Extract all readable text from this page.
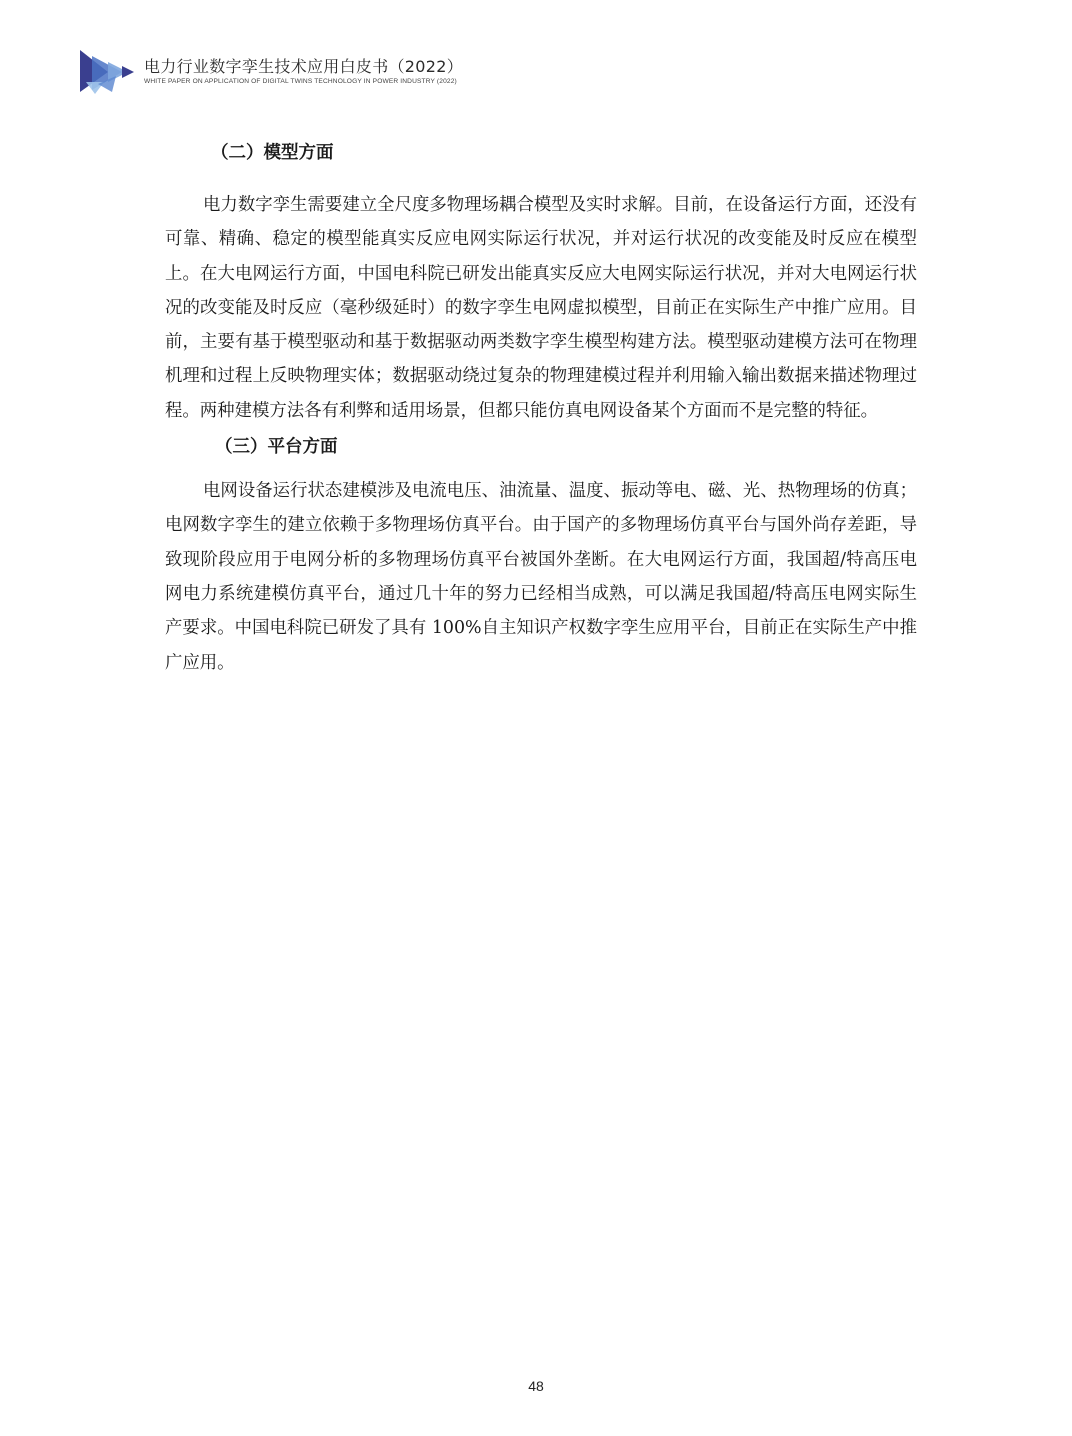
电力行业数字孪生技术应用白皮书（2022）
WHITE PAPER ON APPLICATION OF DIGITAL TWINS TECHNOLOGY IN POWER INDUSTRY (2022)
（二）模型方面

电力数字孪生需要建立全尺度多物理场耦合模型及实时求解。目前，在设备运行方面，还没有可靠、精确、稳定的模型能真实反应电网实际运行状况，并对运行状况的改变能及时反应在模型上。在大电网运行方面，中国电科院已研发出能真实反应大电网实际运行状况，并对大电网运行状况的改变能及时反应（毫秒级延时）的数字孪生电网虚拟模型，目前正在实际生产中推广应用。目前，主要有基于模型驱动和基于数据驱动两类数字孪生模型构建方法。模型驱动建模方法可在物理机理和过程上反映物理实体；数据驱动绕过复杂的物理建模过程并利用输入输出数据来描述物理过程。两种建模方法各有利弊和适用场景，但都只能仿真电网设备某个方面而不是完整的特征。

（三）平台方面

电网设备运行状态建模涉及电流电压、油流量、温度、振动等电、磁、光、热物理场的仿真；电网数字孪生的建立依赖于多物理场仿真平台。由于国产的多物理场仿真平台与国外尚存差距，导致现阶段应用于电网分析的多物理场仿真平台被国外垄断。在大电网运行方面，我国超/特高压电网电力系统建模仿真平台，通过几十年的努力已经相当成熟，可以满足我国超/特高压电网实际生产要求。中国电科院已研发了具有 100%自主知识产权数字孪生应用平台，目前正在实际生产中推广应用。

48
